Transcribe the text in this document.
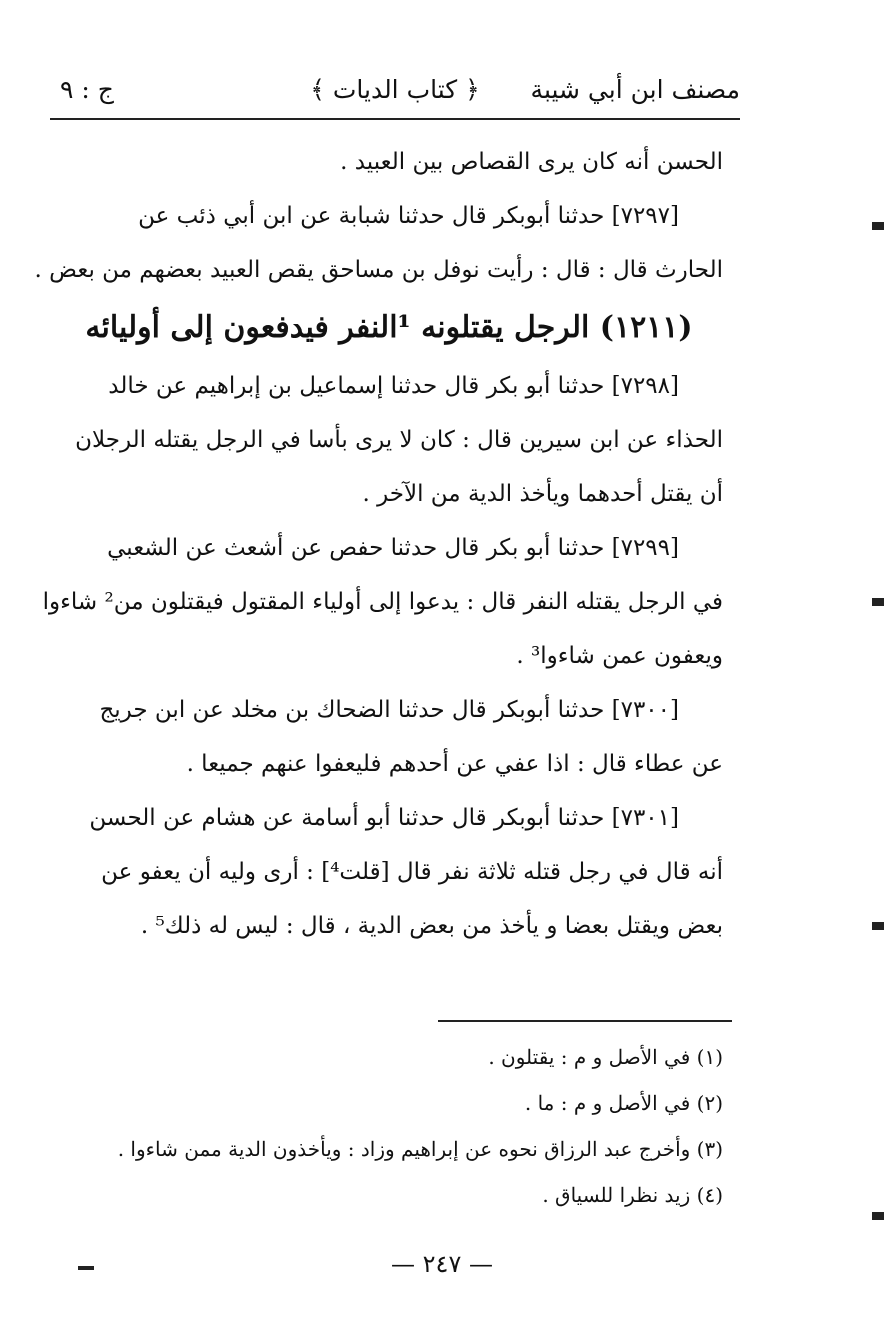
مصنف ابن أبي شيبة
﴿ كتاب الديات ﴾
ج : ٩
الحسن أنه كان يرى القصاص بين العبيد .
[٧٢٩٧] حدثنا أبوبكر قال حدثنا شبابة عن ابن أبي ذئب عن
الحارث قال : قال : رأيت نوفل بن مساحق يقص العبيد بعضهم من بعض .
(١٢١١) الرجل يقتلونه ¹النفر فيدفعون إلى أوليائه
[٧٢٩٨] حدثنا أبو بكر قال حدثنا إسماعيل بن إبراهيم عن خالد
الحذاء عن ابن سيرين قال : كان لا يرى بأسا في الرجل يقتله الرجلان
أن يقتل أحدهما ويأخذ الدية من الآخر .
[٧٢٩٩] حدثنا أبو بكر قال حدثنا حفص عن أشعث عن الشعبي
في الرجل يقتله النفر قال : يدعوا إلى أولياء المقتول فيقتلون من² شاءوا
ويعفون عمن شاءوا³ .
[٧٣٠٠] حدثنا أبوبكر قال حدثنا الضحاك بن مخلد عن ابن جريج
عن عطاء قال : اذا عفي عن أحدهم فليعفوا عنهم جميعا .
[٧٣٠١] حدثنا أبوبكر قال حدثنا أبو أسامة عن هشام عن الحسن
أنه قال في رجل قتله ثلاثة نفر قال [قلت⁴] : أرى وليه أن يعفو عن
بعض ويقتل بعضا و يأخذ من بعض الدية ، قال : ليس له ذلك⁵ .
(١) في الأصل و م : يقتلون .
(٢) في الأصل و م : ما .
(٣) وأخرج عبد الرزاق نحوه عن إبراهيم وزاد : ويأخذون الدية ممن شاءوا .
(٤) زيد نظرا للسياق .
— ٢٤٧ —
